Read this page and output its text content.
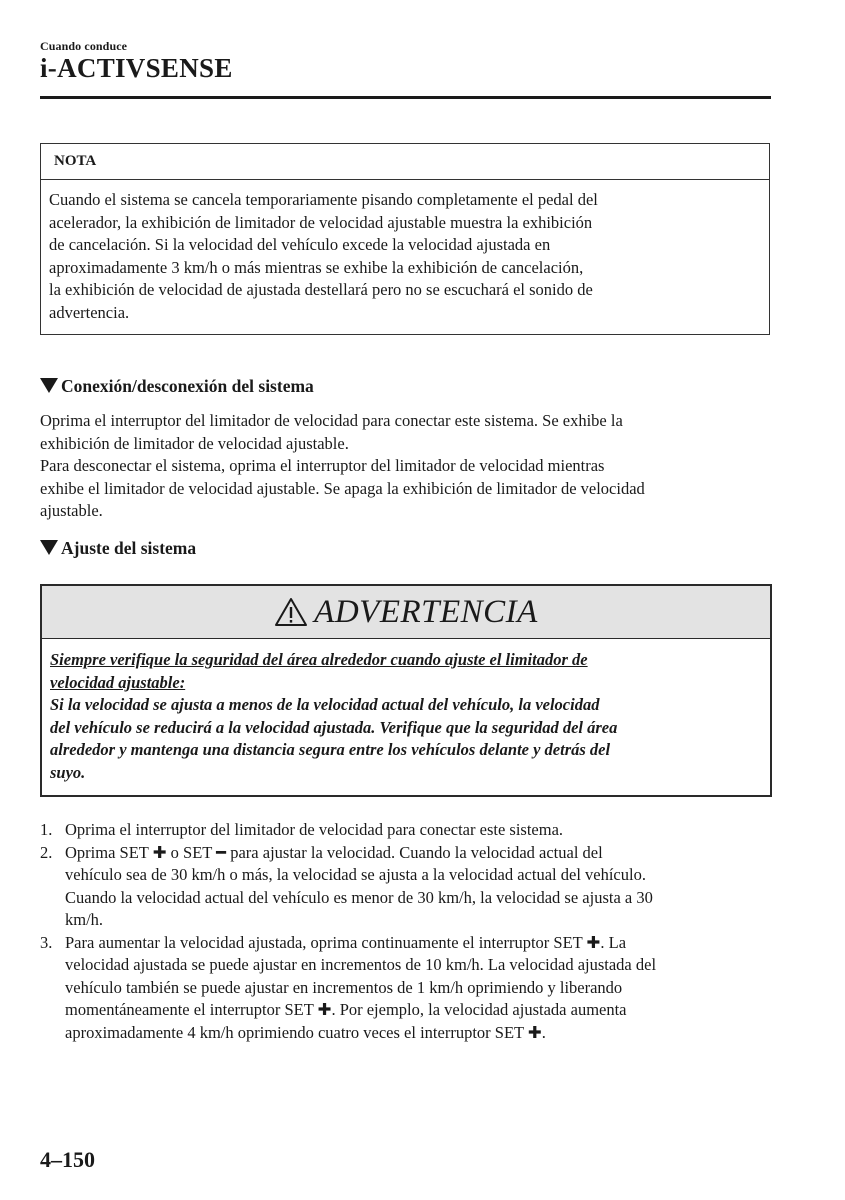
Cuando conduce
i-ACTIVSENSE
NOTA
Cuando el sistema se cancela temporariamente pisando completamente el pedal del
acelerador, la exhibición de limitador de velocidad ajustable muestra la exhibición
de cancelación. Si la velocidad del vehículo excede la velocidad ajustada en
aproximadamente 3 km/h o más mientras se exhibe la exhibición de cancelación,
la exhibición de velocidad de ajustada destellará pero no se escuchará el sonido de
advertencia.
Conexión/desconexión del sistema
Oprima el interruptor del limitador de velocidad para conectar este sistema. Se exhibe la
exhibición de limitador de velocidad ajustable.
Para desconectar el sistema, oprima el interruptor del limitador de velocidad mientras
exhibe el limitador de velocidad ajustable. Se apaga la exhibición de limitador de velocidad
ajustable.
Ajuste del sistema
ADVERTENCIA
Siempre verifique la seguridad del área alrededor cuando ajuste el limitador de
velocidad ajustable:
Si la velocidad se ajusta a menos de la velocidad actual del vehículo, la velocidad
del vehículo se reducirá a la velocidad ajustada. Verifique que la seguridad del área
alrededor y mantenga una distancia segura entre los vehículos delante y detrás del
suyo.
1. Oprima el interruptor del limitador de velocidad para conectar este sistema.
2. Oprima SET ✚ o SET ━ para ajustar la velocidad. Cuando la velocidad actual del
vehículo sea de 30 km/h o más, la velocidad se ajusta a la velocidad actual del vehículo.
Cuando la velocidad actual del vehículo es menor de 30 km/h, la velocidad se ajusta a 30
km/h.
3. Para aumentar la velocidad ajustada, oprima continuamente el interruptor SET ✚. La
velocidad ajustada se puede ajustar en incrementos de 10 km/h. La velocidad ajustada del
vehículo también se puede ajustar en incrementos de 1 km/h oprimiendo y liberando
momentáneamente el interruptor SET ✚. Por ejemplo, la velocidad ajustada aumenta
aproximadamente 4 km/h oprimiendo cuatro veces el interruptor SET ✚.
4–150
